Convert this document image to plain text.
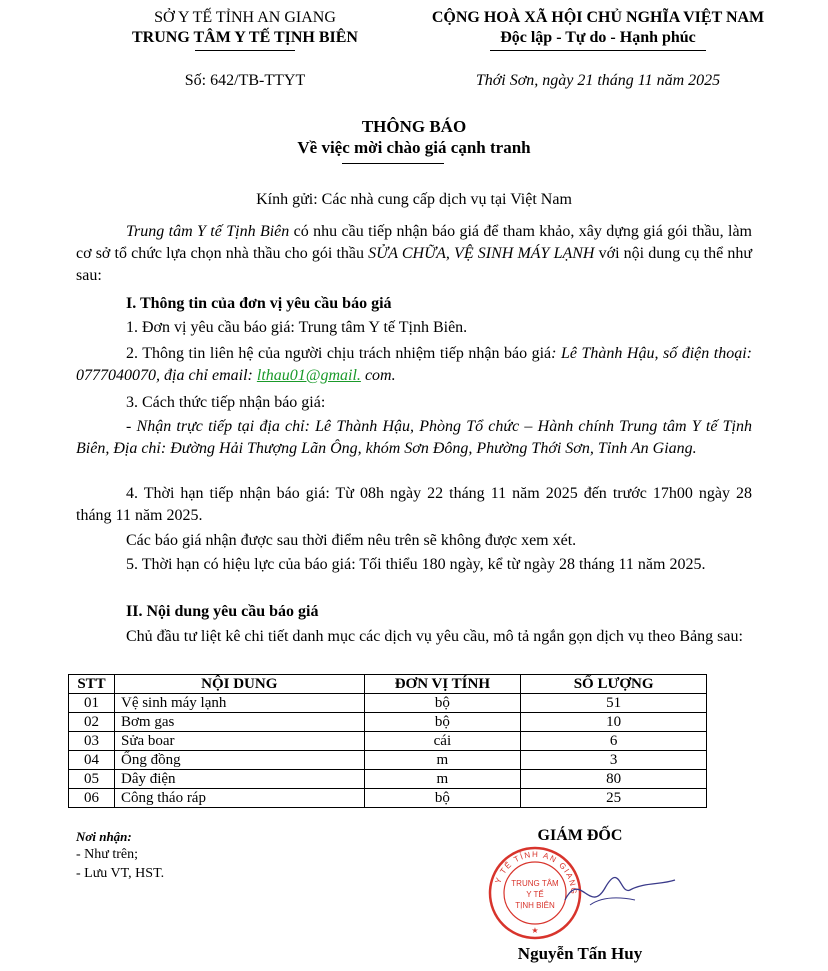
SỞ Y TẾ TỈNH AN GIANG
TRUNG TÂM Y TẾ TỊNH BIÊN
CỘNG HOÀ XÃ HỘI CHỦ NGHĨA VIỆT NAM
Độc lập - Tự do - Hạnh phúc
Số: 642/TB-TTYT	Thới Sơn, ngày 21 tháng 11 năm 2025
THÔNG BÁO
Về việc mời chào giá cạnh tranh
Kính gửi: Các nhà cung cấp dịch vụ tại Việt Nam
Trung tâm Y tế Tịnh Biên có nhu cầu tiếp nhận báo giá để tham khảo, xây dựng giá gói thầu, làm cơ sở tổ chức lựa chọn nhà thầu cho gói thầu SỬA CHỮA, VỆ SINH MÁY LẠNH với nội dung cụ thể như sau:
I. Thông tin của đơn vị yêu cầu báo giá
1. Đơn vị yêu cầu báo giá: Trung tâm Y tế Tịnh Biên.
2. Thông tin liên hệ của người chịu trách nhiệm tiếp nhận báo giá: Lê Thành Hậu, số điện thoại: 0777040070, địa chỉ email: lthau01@gmail. com.
3. Cách thức tiếp nhận báo giá:
- Nhận trực tiếp tại địa chỉ: Lê Thành Hậu, Phòng Tổ chức – Hành chính Trung tâm Y tế Tịnh Biên, Địa chỉ: Đường Hải Thượng Lãn Ông, khóm Sơn Đông, Phường Thới Sơn, Tỉnh An Giang.
4. Thời hạn tiếp nhận báo giá: Từ 08h ngày 22 tháng 11 năm 2025 đến trước 17h00 ngày 28 tháng 11 năm 2025.
Các báo giá nhận được sau thời điểm nêu trên sẽ không được xem xét.
5. Thời hạn có hiệu lực của báo giá: Tối thiểu 180 ngày, kể từ ngày 28 tháng 11 năm 2025.
II. Nội dung yêu cầu báo giá
Chủ đầu tư liệt kê chi tiết danh mục các dịch vụ yêu cầu, mô tả ngắn gọn dịch vụ theo Bảng sau:
STT	NỘI DUNG	ĐƠN VỊ TÍNH	SỐ LƯỢNG
01	Vệ sinh máy lạnh	bộ	51
02	Bơm gas	bộ	10
03	Sửa boar	cái	6
04	Ống đồng	m	3
05	Dây điện	m	80
06	Công tháo ráp	bộ	25
Nơi nhận:
- Như trên;
- Lưu VT, HST.
GIÁM ĐỐC
Y TẾ TỈNH AN GIANG
TRUNG TÂM
Y TẾ
TỊNH BIÊN
★
Nguyễn Tấn Huy
